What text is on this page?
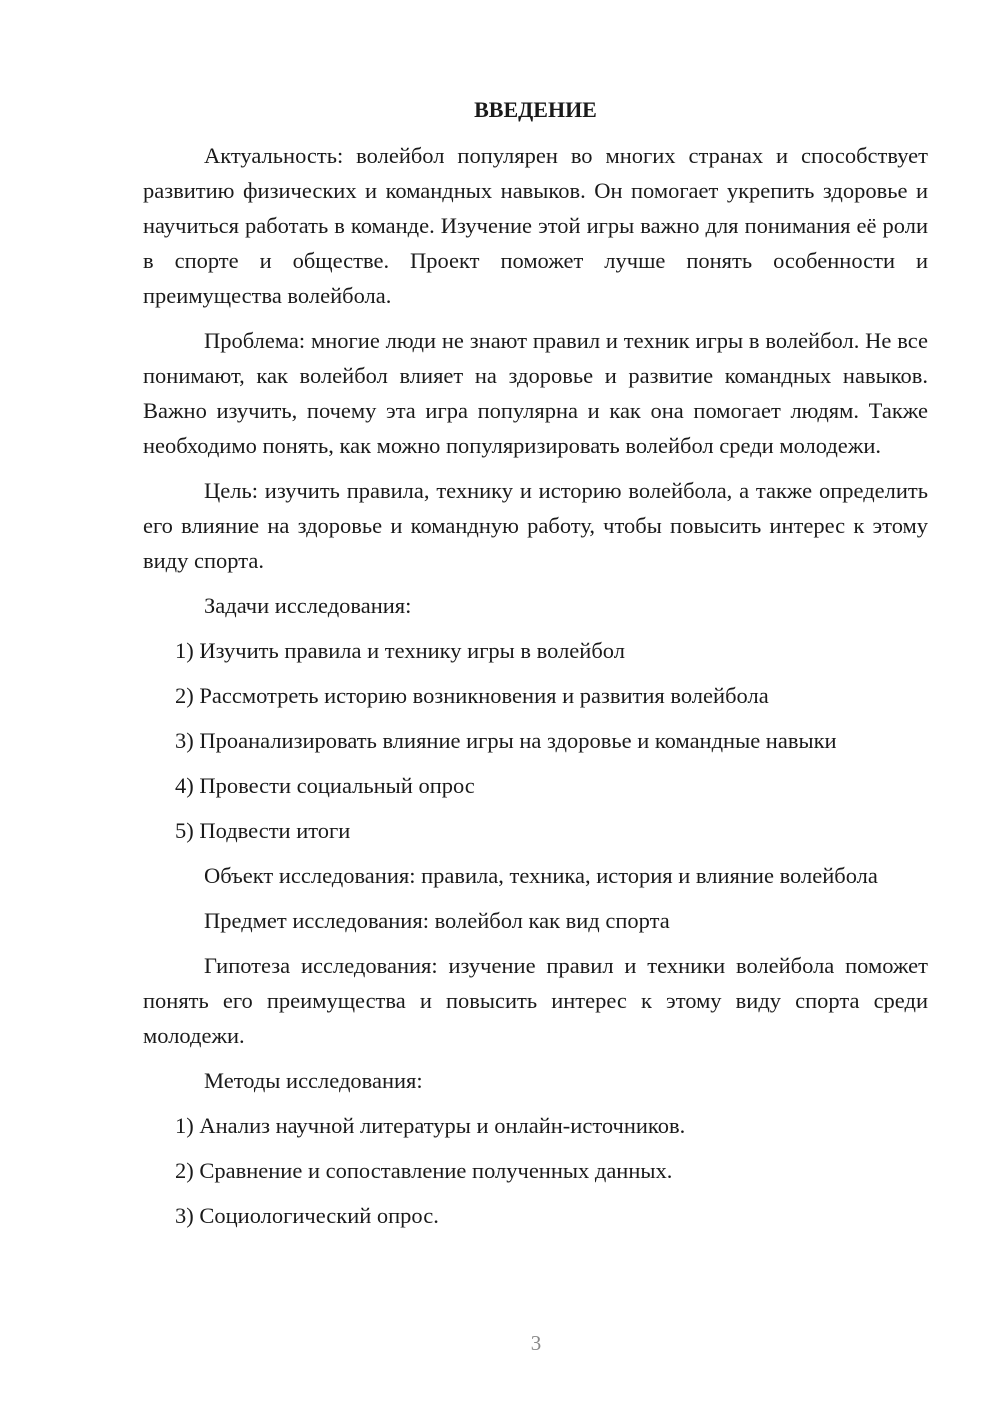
ВВЕДЕНИЕ

Актуальность: волейбол популярен во многих странах и способствует развитию физических и командных навыков. Он помогает укрепить здоровье и научиться работать в команде. Изучение этой игры важно для понимания её роли в спорте и обществе. Проект поможет лучше понять особенности и преимущества волейбола.

Проблема: многие люди не знают правил и техник игры в волейбол. Не все понимают, как волейбол влияет на здоровье и развитие командных навыков. Важно изучить, почему эта игра популярна и как она помогает людям. Также необходимо понять, как можно популяризировать волейбол среди молодежи.

Цель: изучить правила, технику и историю волейбола, а также определить его влияние на здоровье и командную работу, чтобы повысить интерес к этому виду спорта.

Задачи исследования:

1) Изучить правила и технику игры в волейбол
2) Рассмотреть историю возникновения и развития волейбола
3) Проанализировать влияние игры на здоровье и командные навыки
4) Провести социальный опрос
5) Подвести итоги

Объект исследования: правила, техника, история и влияние волейбола

Предмет исследования: волейбол как вид спорта

Гипотеза исследования: изучение правил и техники волейбола поможет понять его преимущества и повысить интерес к этому виду спорта среди молодежи.

Методы исследования:

1) Анализ научной литературы и онлайн-источников.
2) Сравнение и сопоставление полученных данных.
3) Социологический опрос.
3
